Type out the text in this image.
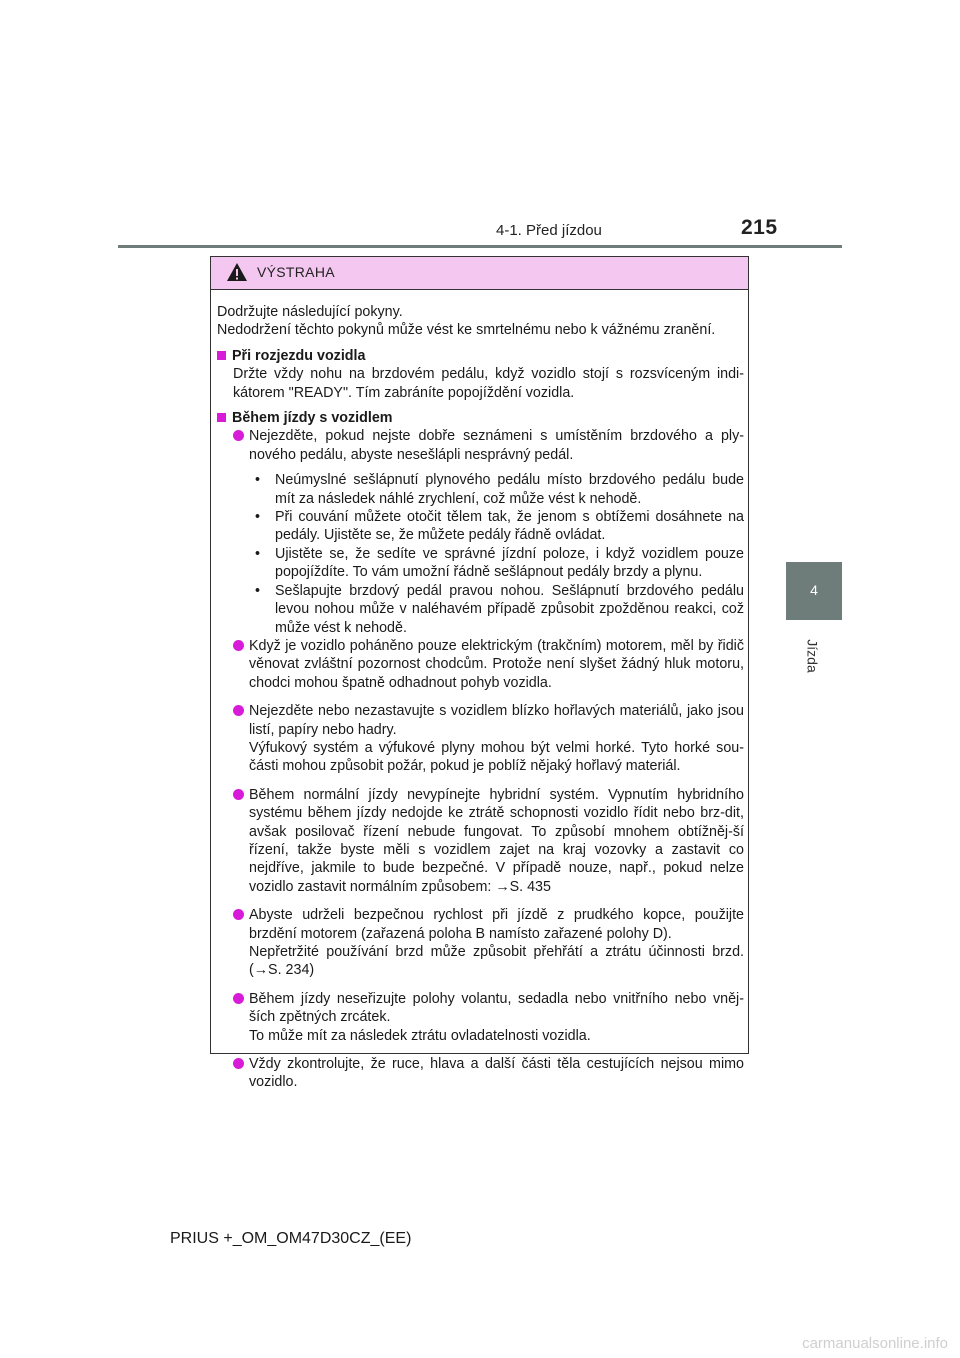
4-1. Před jízdou	215
4
Jízda
VÝSTRAHA

Dodržujte následující pokyny.

Nedodržení těchto pokynů může vést ke smrtelnému nebo k vážnému zranění.

Při rozjezdu vozidla

Držte vždy nohu na brzdovém pedálu, když vozidlo stojí s rozsvíceným indi-kátorem "READY". Tím zabráníte popojíždění vozidla.

Během jízdy s vozidlem
Nejezděte, pokud nejste dobře seznámeni s umístěním brzdového a ply-nového pedálu, abyste nesešlápli nesprávný pedál.
•	Neúmyslné sešlápnutí plynového pedálu místo brzdového pedálu bude mít za následek náhlé zrychlení, což může vést k nehodě.
•	Při couvání můžete otočit tělem tak, že jenom s obtížemi dosáhnete na pedály. Ujistěte se, že můžete pedály řádně ovládat.
•	Ujistěte se, že sedíte ve správné jízdní poloze, i když vozidlem pouze popojíždíte. To vám umožní řádně sešlápnout pedály brzdy a plynu.
•	Sešlapujte brzdový pedál pravou nohou. Sešlápnutí brzdového pedálu levou nohou může v naléhavém případě způsobit zpožděnou reakci, což může vést k nehodě.
Když je vozidlo poháněno pouze elektrickým (trakčním) motorem, měl by řidič věnovat zvláštní pozornost chodcům. Protože není slyšet žádný hluk motoru, chodci mohou špatně odhadnout pohyb vozidla.
Nejezděte nebo nezastavujte s vozidlem blízko hořlavých materiálů, jako jsou listí, papíry nebo hadry.
Výfukový systém a výfukové plyny mohou být velmi horké. Tyto horké sou-části mohou způsobit požár, pokud je poblíž nějaký hořlavý materiál.
Během normální jízdy nevypínejte hybridní systém. Vypnutím hybridního systému během jízdy nedojde ke ztrátě schopnosti vozidlo řídit nebo brz-dit, avšak posilovač řízení nebude fungovat. To způsobí mnohem obtížněj-ší řízení, takže byste měli s vozidlem zajet na kraj vozovky a zastavit co nejdříve, jakmile to bude bezpečné. V případě nouze, např., pokud nelze vozidlo zastavit normálním způsobem: →S. 435
Abyste udrželi bezpečnou rychlost při jízdě z prudkého kopce, použijte brzdění motorem (zařazená poloha B namísto zařazené polohy D).
Nepřetržité používání brzd může způsobit přehřátí a ztrátu účinnosti brzd. (→S. 234)
Během jízdy neseřizujte polohy volantu, sedadla nebo vnitřního nebo vněj-ších zpětných zrcátek.
To může mít za následek ztrátu ovladatelnosti vozidla.
Vždy zkontrolujte, že ruce, hlava a další části těla cestujících nejsou mimo vozidlo.
PRIUS +_OM_OM47D30CZ_(EE)
carmanualsonline.info
